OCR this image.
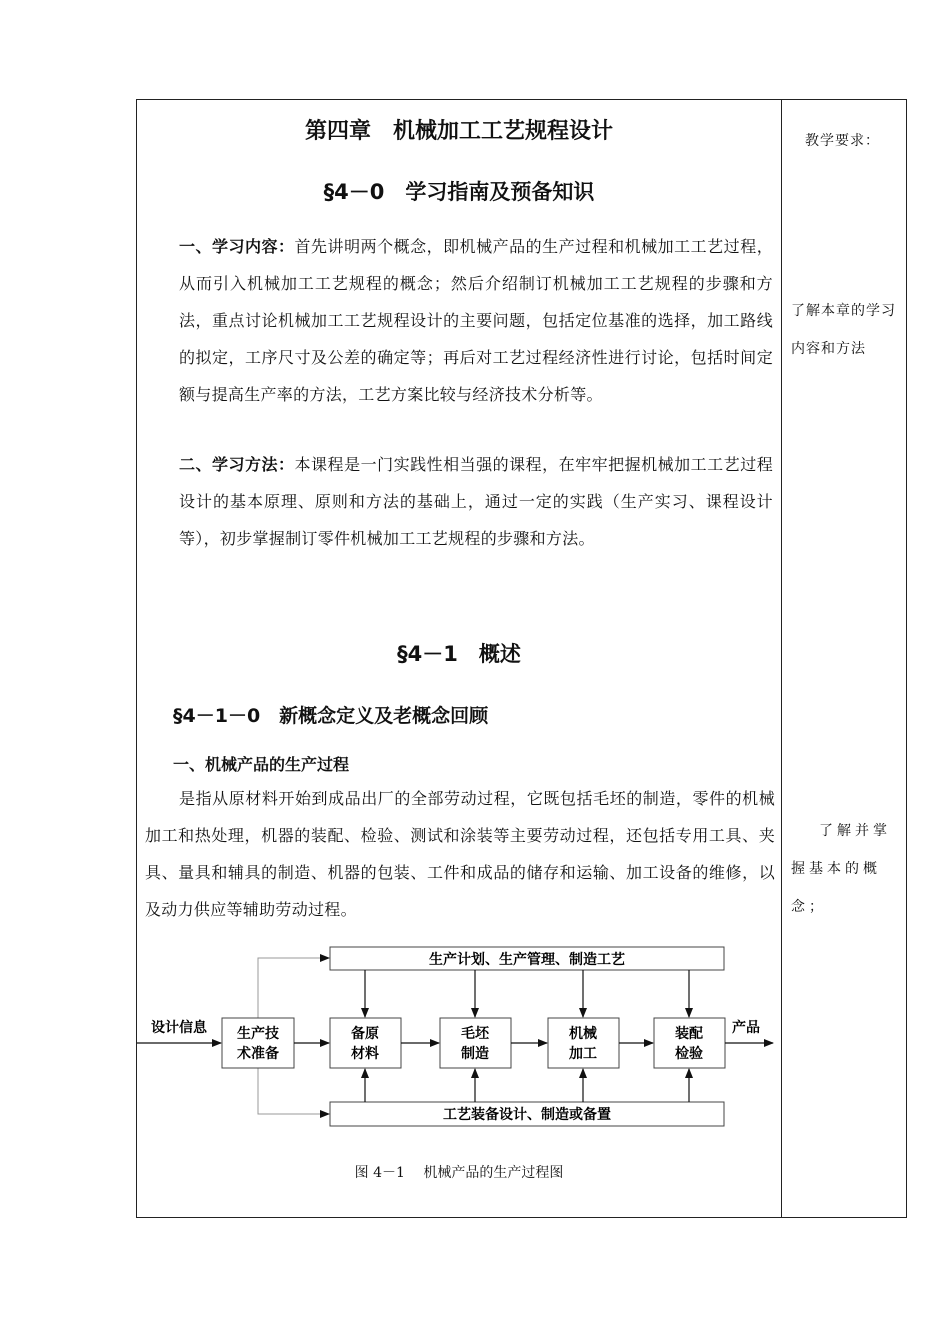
第四章　机械加工工艺规程设计
§4－0　学习指南及预备知识
一、学习内容：首先讲明两个概念，即机械产品的生产过程和机械加工工艺过程，从而引入机械加工工艺规程的概念；然后介绍制订机械加工工艺规程的步骤和方法，重点讨论机械加工工艺规程设计的主要问题，包括定位基准的选择，加工路线的拟定，工序尺寸及公差的确定等；再后对工艺过程经济性进行讨论，包括时间定额与提高生产率的方法，工艺方案比较与经济技术分析等。
二、学习方法：本课程是一门实践性相当强的课程，在牢牢把握机械加工工艺过程设计的基本原理、原则和方法的基础上，通过一定的实践（生产实习、课程设计等），初步掌握制订零件机械加工工艺规程的步骤和方法。
§4－1　概述
§4－1－0　新概念定义及老概念回顾
一、机械产品的生产过程
是指从原材料开始到成品出厂的全部劳动过程，它既包括毛坯的制造，零件的机械加工和热处理，机器的装配、检验、测试和涂装等主要劳动过程，还包括专用工具、夹具、量具和辅具的制造、机器的包装、工件和成品的储存和运输、加工设备的维修，以及动力供应等辅助劳动过程。
生产计划、生产管理、制造工艺
工艺装备设计、制造或备置
生产技
术准备
备原
材料
毛坯
制造
机械
加工
装配
检验
设计信息	产品
图 4－1　 机械产品的生产过程图
教学要求：
了解本章的学习内容和方法
了解并掌握基本的概念；
